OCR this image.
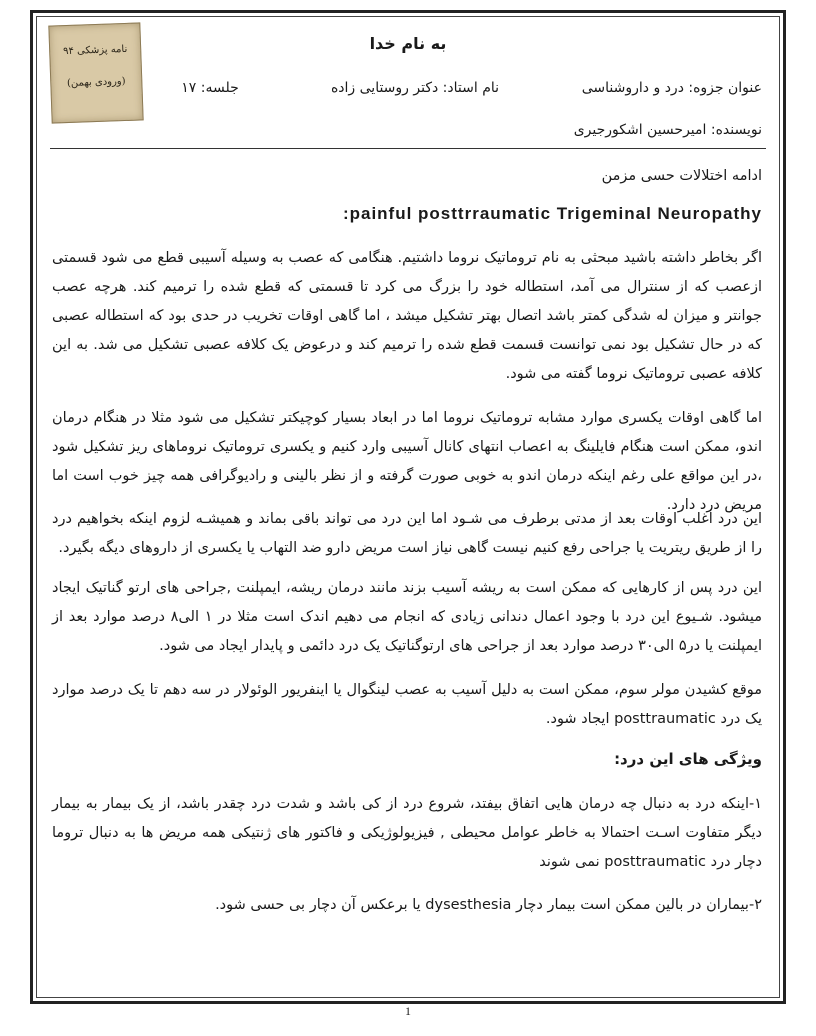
نامه پزشکی ۹۴
(ورودی بهمن)
به نام خدا
عنوان جزوه: درد و داروشناسی
نام استاد: دکتر روستایی زاده
جلسه: ۱۷
نویسنده: امیرحسین اشکورجیری
ادامه اختلالات حسی مزمن
:painful posttrraumatic Trigeminal Neuropathy
اگر بخاطر داشته باشید مبحثی به نام تروماتیک نروما داشتیم. هنگامی که عصب به وسیله آسیبی قطع می شود قسمتی ازعصب که از سنترال می آمد، استطاله خود را بزرگ می کرد تا قسمتی که قطع شده را ترمیم کند. هرچه عصب جوانتر و میزان له شدگی کمتر باشد اتصال بهتر تشکیل میشد ، اما گاهی اوقات تخریب در حدی بود که استطاله عصبی که در حال تشکیل بود نمی توانست قسمت قطع شده را ترمیم کند و درعوض یک کلافه عصبی تشکیل می شد. به این کلافه عصبی تروماتیک نروما گفته می شود.
اما گاهی اوقات یکسری موارد مشابه تروماتیک نروما اما در ابعاد بسیار کوچیکتر تشکیل می شود مثلا در هنگام درمان اندو، ممکن است هنگام فایلینگ به اعصاب انتهای کانال آسیبی وارد کنیم و یکسری تروماتیک نروماهای ریز تشکیل شود ،در این مواقع علی رغم اینکه درمان اندو به خوبی صورت گرفته و از نظر بالینی و رادیوگرافی همه چیز خوب است اما مریض درد دارد.
این درد اغلب اوقات بعد از مدتی برطرف می شـود اما این درد می تواند باقی بماند و همیشـه لزوم اینکه بخواهیم درد را از طریق ریتریت یا جراحی رفع کنیم نیست گاهی نیاز است مریض دارو ضد التهاب یا یکسری از داروهای دیگه بگیرد.
این درد پس از کارهایی که ممکن است به ریشه آسیب بزند مانند درمان ریشه، ایمپلنت ,جراحی های ارتو گناتیک ایجاد میشود. شـیوع این درد با وجود اعمال دندانی زیادی که انجام می دهیم اندک است مثلا در ۱ الی۸ درصد موارد بعد از ایمپلنت یا در۵ الی۳۰ درصد موارد بعد از جراحی های ارتوگناتیک یک درد دائمی و پایدار ایجاد می شود.
موقع کشیدن مولر سوم، ممکن است به دلیل آسیب به عصب لینگوال یا اینفریور الوئولار در سه دهم تا یک درصد موارد یک درد posttraumatic ایجاد شود.
ویژگی های این درد:
۱-اینکه درد به دنبال چه درمان هایی اتفاق بیفتد، شروع درد از کی باشد و شدت درد چقدر باشد، از یک بیمار به بیمار دیگر متفاوت اسـت احتمالا به خاطر عوامل محیطی , فیزیولوژیکی و فاکتور های ژنتیکی همه مریض ها به دنبال تروما دچار درد posttraumatic نمی شوند
۲-بیماران در بالین ممکن است بیمار دچار dysesthesia یا برعکس آن دچار بی حسی شود.
1
